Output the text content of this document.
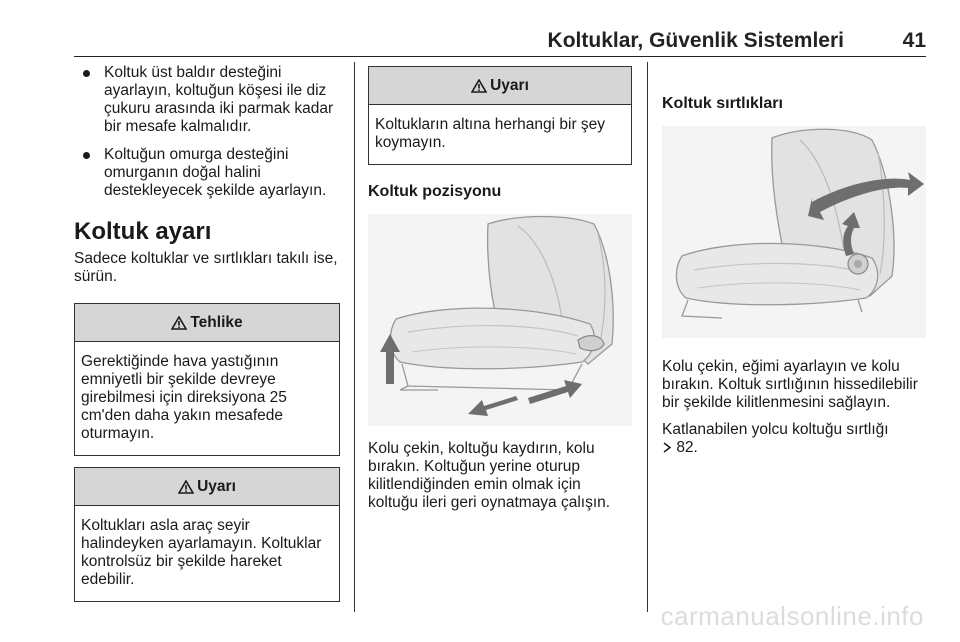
Koltuklar, Güvenlik Sistemleri	41
Koltuk üst baldır desteğini ayarlayın, koltuğun köşesi ile diz çukuru arasında iki parmak kadar bir mesafe kalmalıdır.
Koltuğun omurga desteğini omurganın doğal halini destekleyecek şekilde ayarlayın.
Koltuk ayarı

Sadece koltuklar ve sırtlıkları takılı ise, sürün.

Tehlike
Gerektiğinde hava yastığının emniyetli bir şekilde devreye girebilmesi için direksiyona 25 cm'den daha yakın mesafede oturmayın.
Uyarı
Koltukları asla araç seyir halindeyken ayarlamayın. Koltuklar kontrolsüz bir şekilde hareket edebilir.
Uyarı
Koltukların altına herhangi bir şey koymayın.
Koltuk pozisyonu

Kolu çekin, koltuğu kaydırın, kolu bırakın. Koltuğun yerine oturup kilitlendiğinden emin olmak için koltuğu ileri geri oynatmaya çalışın.

Koltuk sırtlıkları

Kolu çekin, eğimi ayarlayın ve kolu bırakın. Koltuk sırtlığının hissedilebilir bir şekilde kilitlenmesini sağlayın.

Katlanabilen yolcu koltuğu sırtlığı
82.

carmanualsonline.info
